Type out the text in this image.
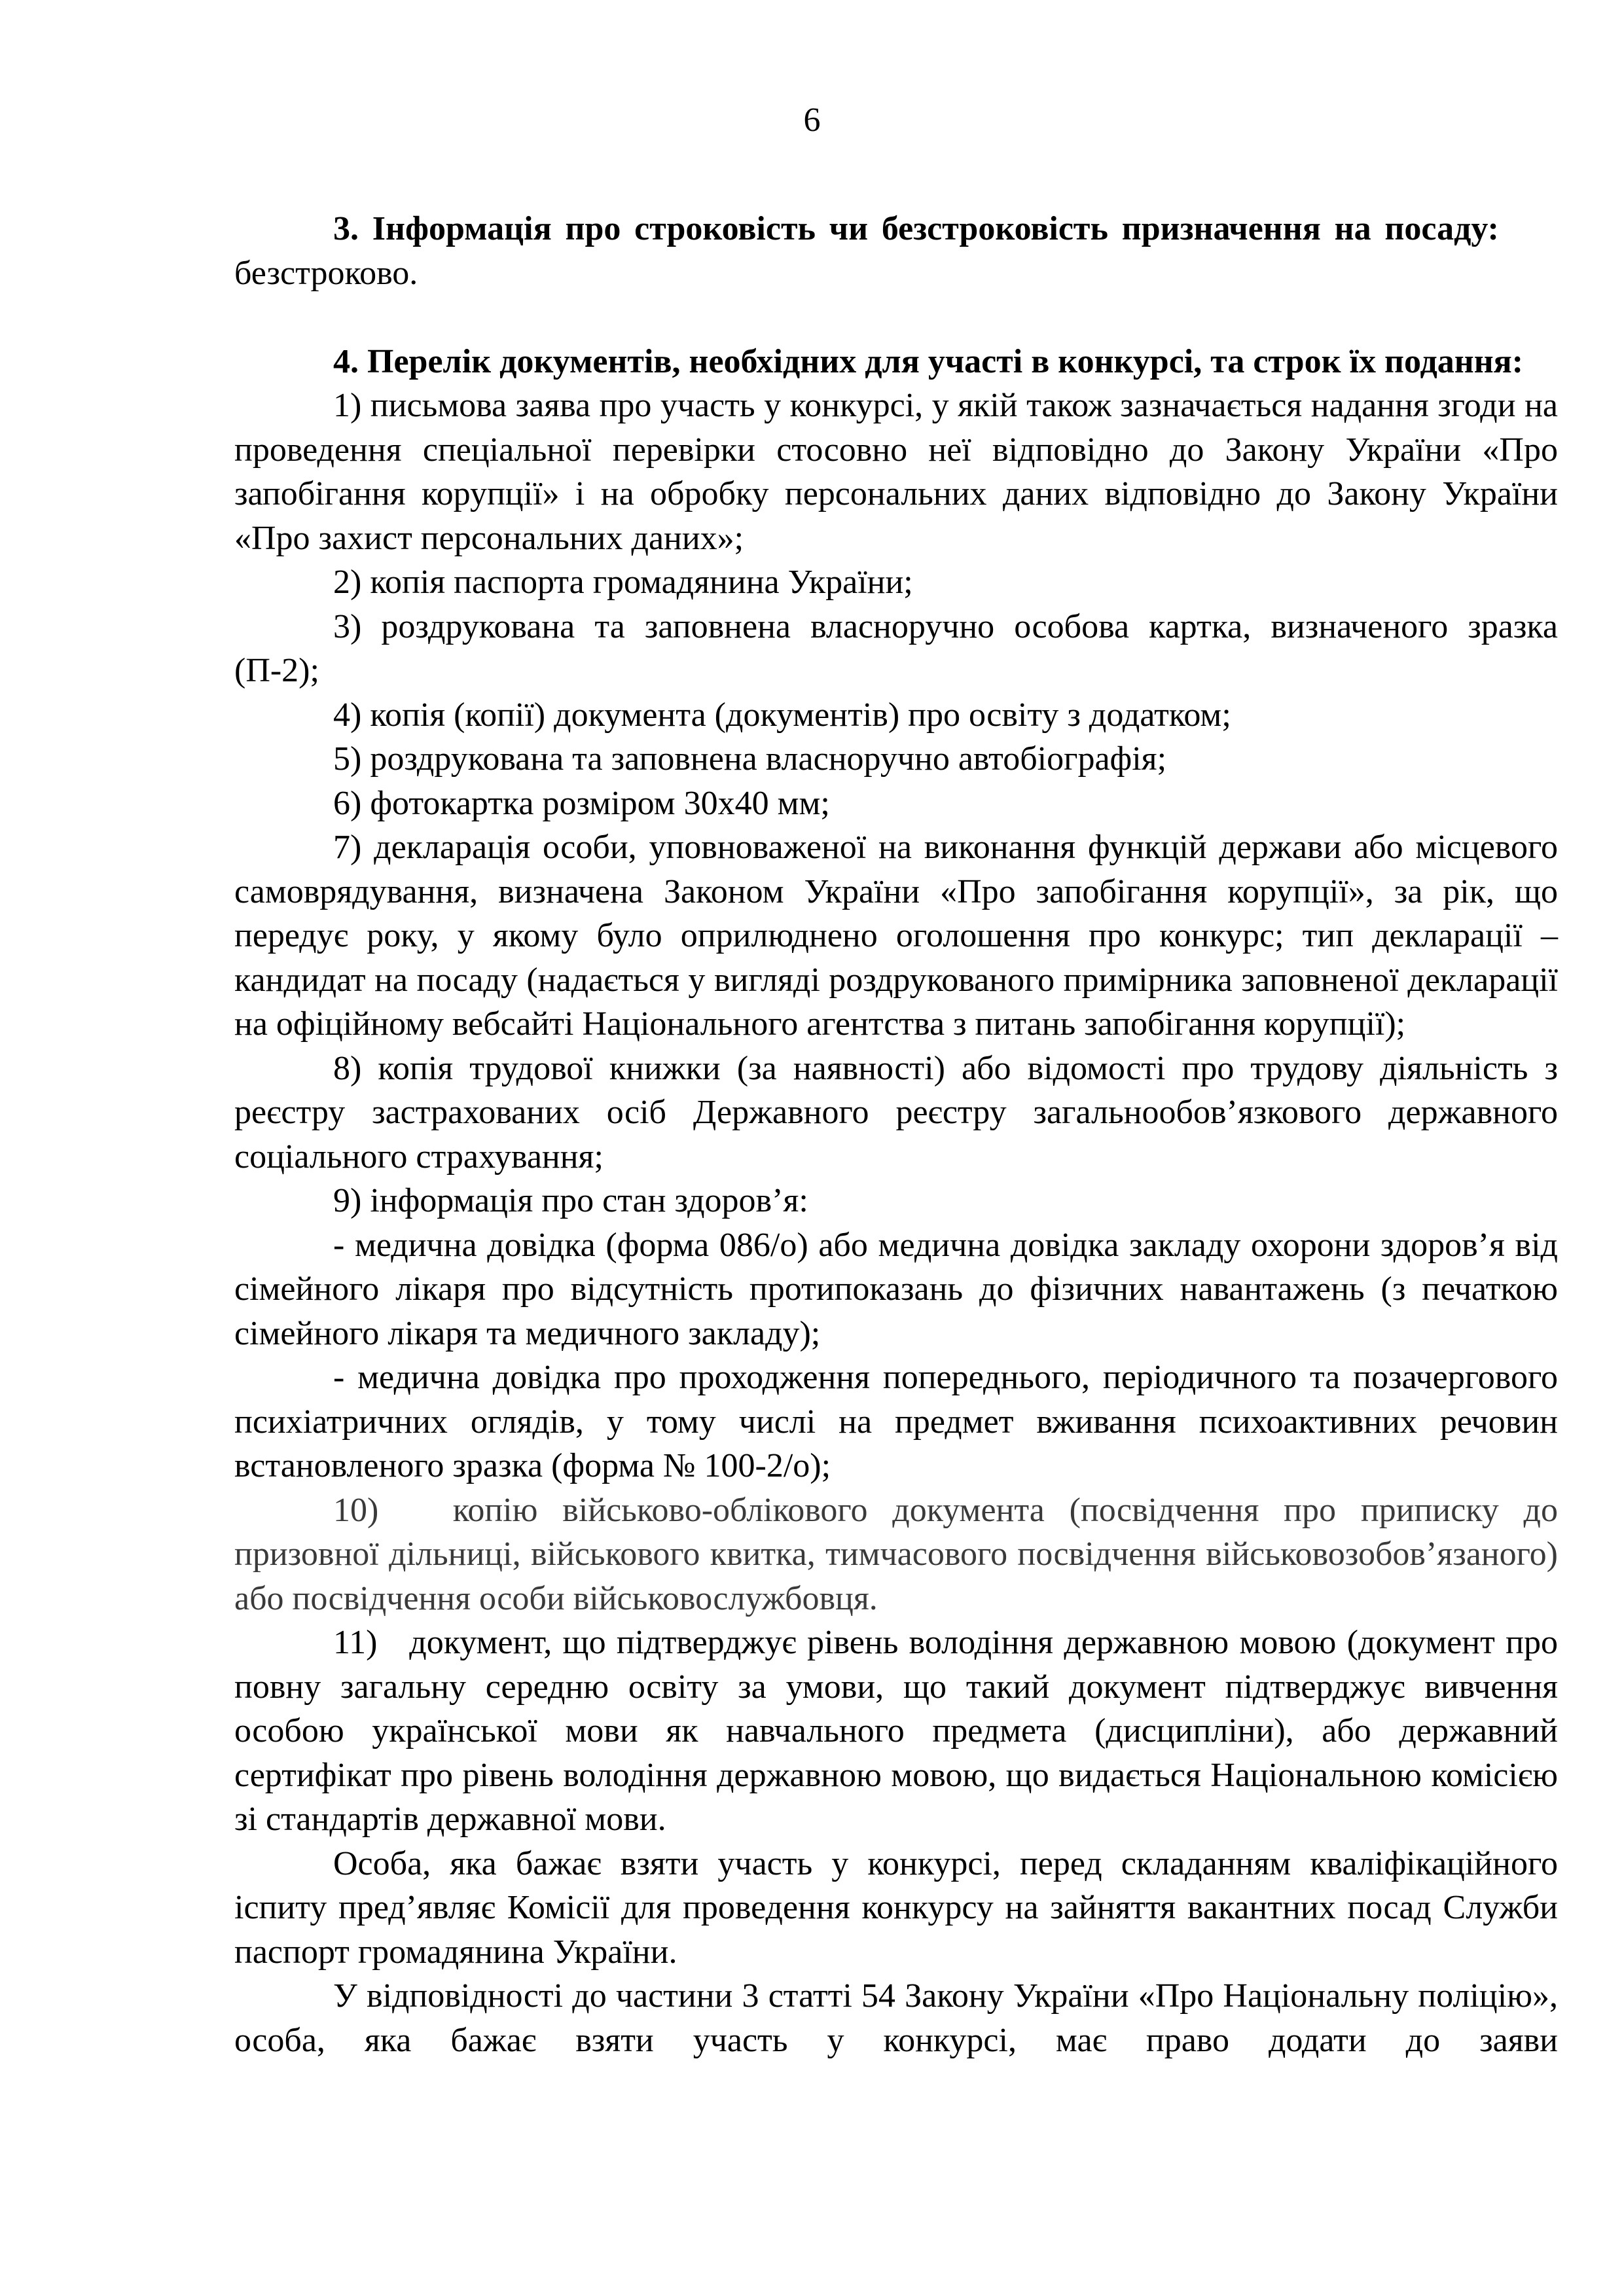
6

3. Інформація про строковість чи безстроковість призначення на посаду:безстроково.

4. Перелік документів, необхідних для участі в конкурсі, та строк їх подання:

1) письмова заява про участь у конкурсі, у якій також зазначається надання згоди на проведення спеціальної перевірки стосовно неї відповідно до Закону України «Про запобігання корупції» і на обробку персональних даних відповідно до Закону України «Про захист персональних даних»;

2) копія паспорта громадянина України;

3) роздрукована та заповнена власноручно особова картка, визначеного зразка (П-2);

4) копія (копії) документа (документів) про освіту з додатком;

5) роздрукована та заповнена власноручно автобіографія;

6) фотокартка розміром 30х40 мм;

7) декларація особи, уповноваженої на виконання функцій держави або місцевого самоврядування, визначена Законом України «Про запобігання корупції», за рік, що передує року, у якому було оприлюднено оголошення про конкурс; тип декларації – кандидат на посаду (надається у вигляді роздрукованого примірника заповненої декларації на офіційному вебсайті Національного агентства з питань запобігання корупції);

8) копія трудової книжки (за наявності) або відомості про трудову діяльність з реєстру застрахованих осіб Державного реєстру загальнообов’язкового державного соціального страхування;

9) інформація про стан здоров’я:

- медична довідка (форма 086/о) або медична довідка закладу охорони здоров’я від сімейного лікаря про відсутність протипоказань до фізичних навантажень (з печаткою сімейного лікаря та медичного закладу);

- медична довідка про проходження попереднього, періодичного та позачергового психіатричних оглядів, у тому числі на предмет вживання психоактивних речовин встановленого зразка (форма № 100-2/о);

10)   копію військово-облікового документа (посвідчення про приписку до призовної дільниці, військового квитка, тимчасового посвідчення військовозобов’язаного) або посвідчення особи військовослужбовця.

11)   документ, що підтверджує рівень володіння державною мовою (документ про повну загальну середню освіту за умови, що такий документ підтверджує вивчення особою української мови як навчального предмета (дисципліни), або державний сертифікат про рівень володіння державною мовою, що видається Національною комісією зі стандартів державної мови.

Особа, яка бажає взяти участь у конкурсі, перед складанням кваліфікаційного іспиту пред’являє Комісії для проведення конкурсу на зайняття вакантних посад Служби паспорт громадянина України.

У відповідності до частини 3 статті 54 Закону України «Про Національну поліцію», особа, яка бажає взяти участь у конкурсі, має право додати до заяви
